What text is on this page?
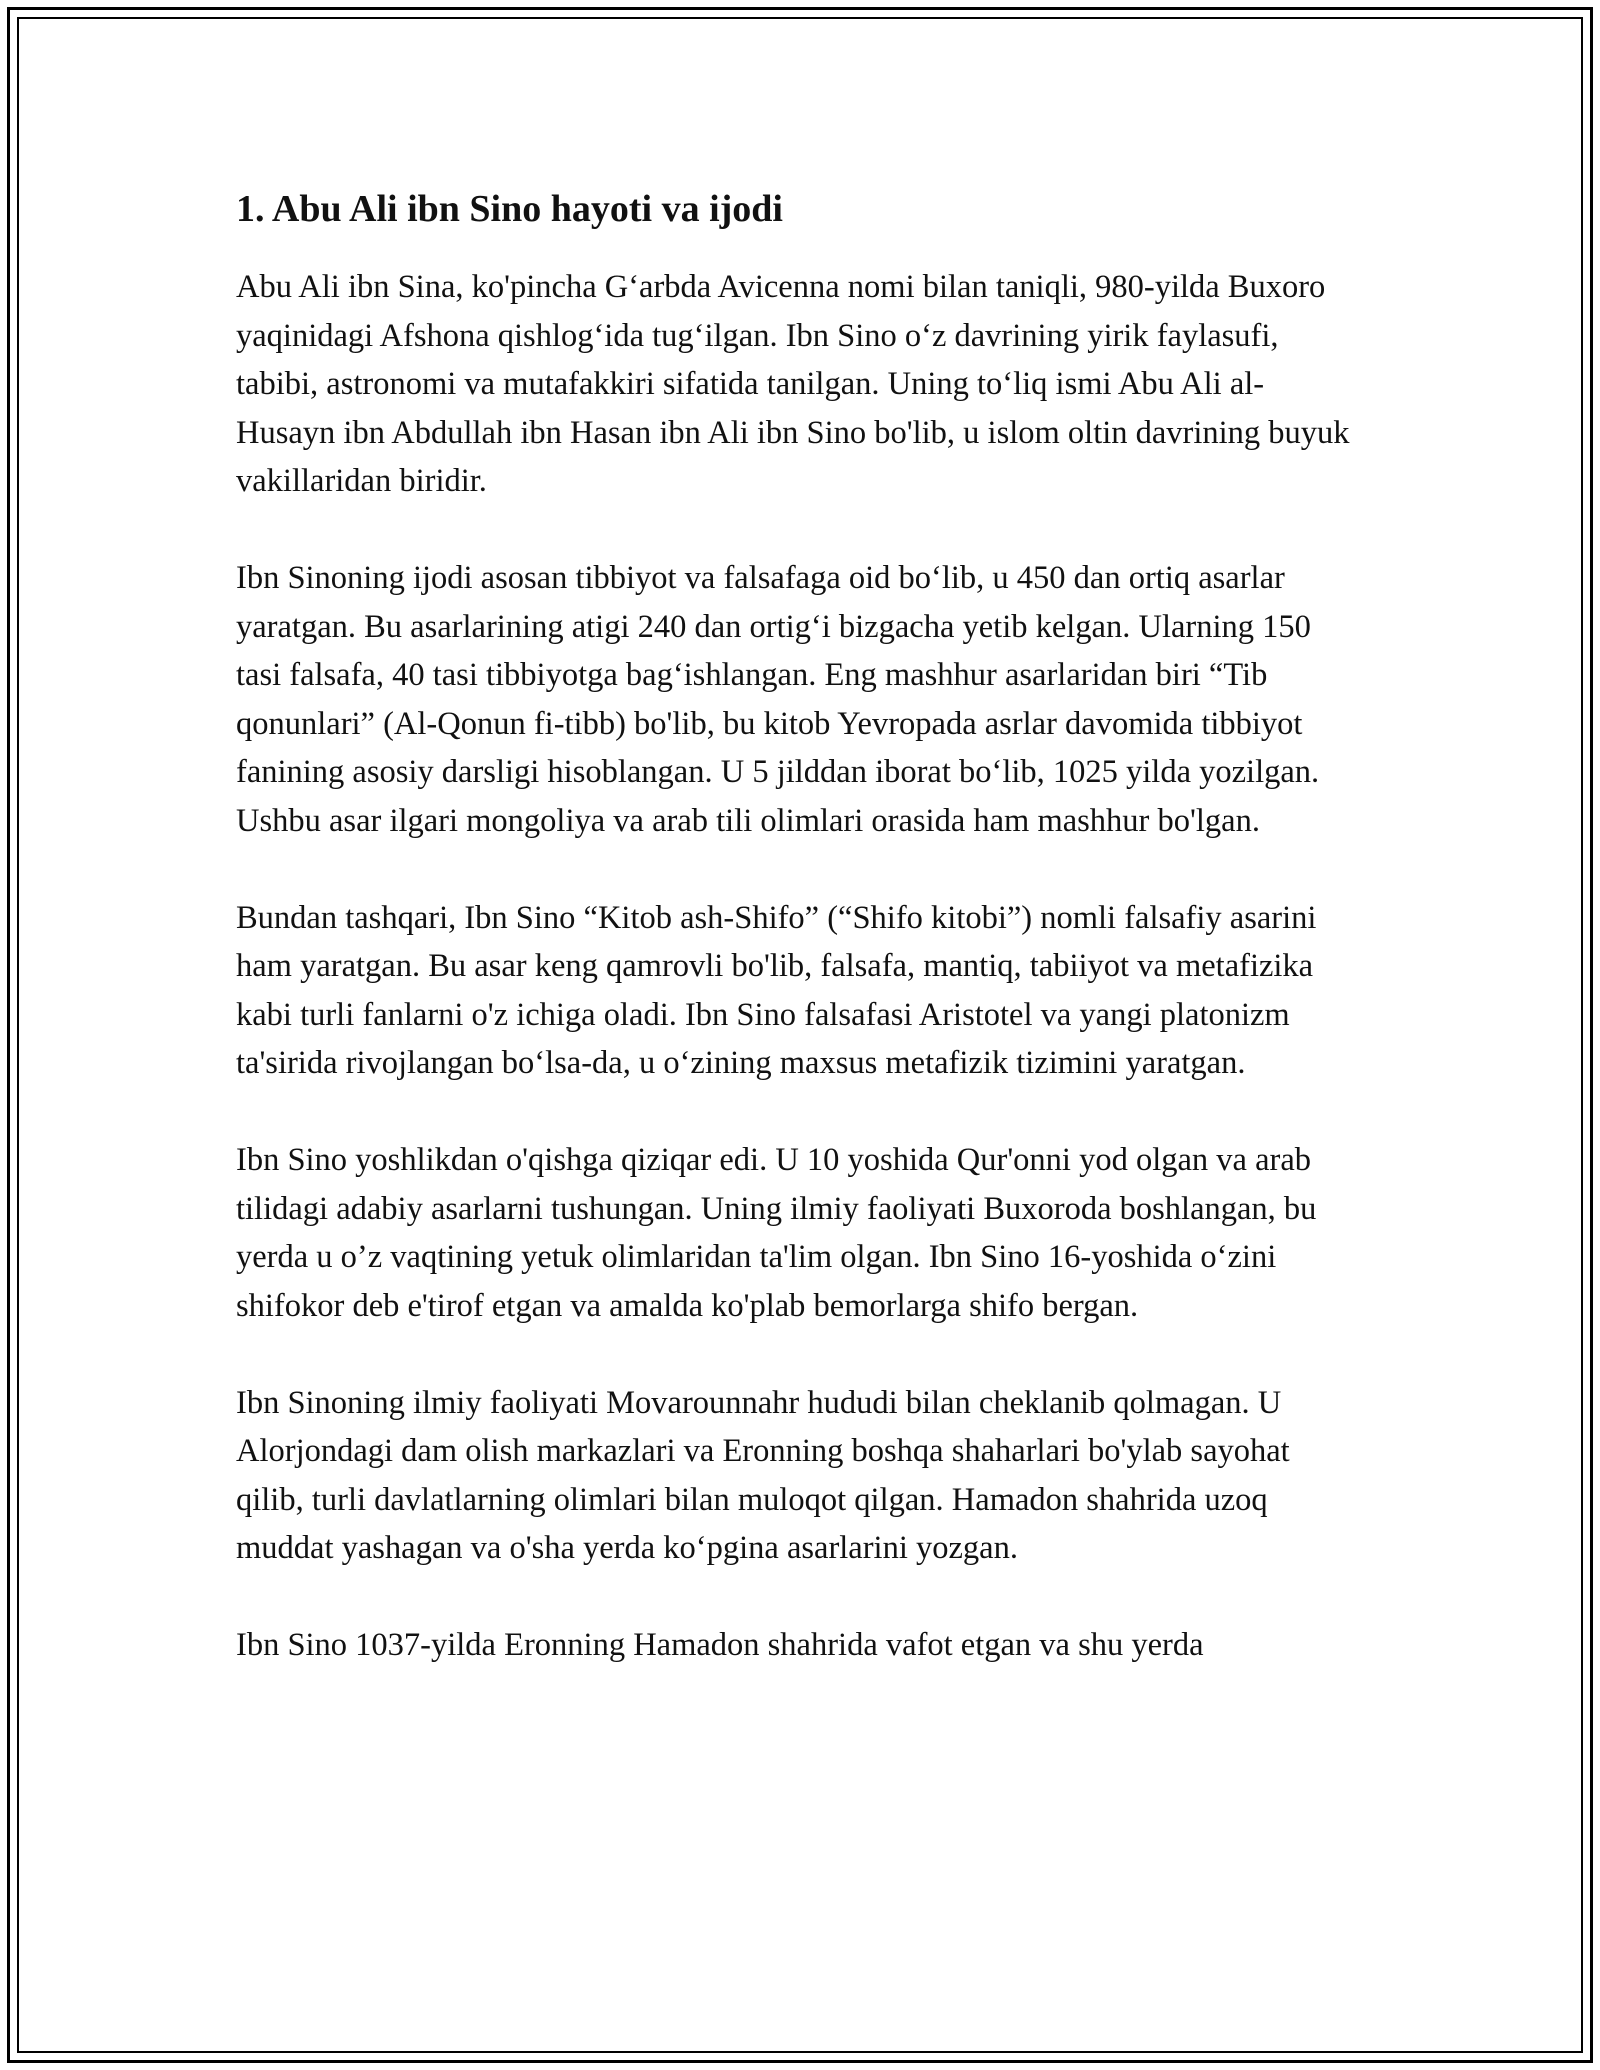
1. Abu Ali ibn Sino hayoti va ijodi

Abu Ali ibn Sina, ko'pincha G‘arbda Avicenna nomi bilan taniqli, 980-yilda Buxoro yaqinidagi Afshona qishlog‘ida tug‘ilgan. Ibn Sino o‘z davrining yirik faylasufi, tabibi, astronomi va mutafakkiri sifatida tanilgan. Uning to‘liq ismi Abu Ali al-Husayn ibn Abdullah ibn Hasan ibn Ali ibn Sino bo'lib, u islom oltin davrining buyuk vakillaridan biridir.

Ibn Sinoning ijodi asosan tibbiyot va falsafaga oid bo‘lib, u 450 dan ortiq asarlar yaratgan. Bu asarlarining atigi 240 dan ortig‘i bizgacha yetib kelgan. Ularning 150 tasi falsafa, 40 tasi tibbiyotga bag‘ishlangan. Eng mashhur asarlaridan biri “Tib qonunlari” (Al-Qonun fi-tibb) bo'lib, bu kitob Yevropada asrlar davomida tibbiyot fanining asosiy darsligi hisoblangan. U 5 jilddan iborat bo‘lib, 1025 yilda yozilgan. Ushbu asar ilgari mongoliya va arab tili olimlari orasida ham mashhur bo'lgan.

Bundan tashqari, Ibn Sino “Kitob ash-Shifo” (“Shifo kitobi”) nomli falsafiy asarini ham yaratgan. Bu asar keng qamrovli bo'lib, falsafa, mantiq, tabiiyot va metafizika kabi turli fanlarni o'z ichiga oladi. Ibn Sino falsafasi Aristotel va yangi platonizm ta'sirida rivojlangan bo‘lsa-da, u o‘zining maxsus metafizik tizimini yaratgan.

Ibn Sino yoshlikdan o'qishga qiziqar edi. U 10 yoshida Qur'onni yod olgan va arab tilidagi adabiy asarlarni tushungan. Uning ilmiy faoliyati Buxoroda boshlangan, bu yerda u o’z vaqtining yetuk olimlaridan ta'lim olgan. Ibn Sino 16-yoshida o‘zini shifokor deb e'tirof etgan va amalda ko'plab bemorlarga shifo bergan.

Ibn Sinoning ilmiy faoliyati Movarounnahr hududi bilan cheklanib qolmagan. U Alorjondagi dam olish markazlari va Eronning boshqa shaharlari bo'ylab sayohat qilib, turli davlatlarning olimlari bilan muloqot qilgan. Hamadon shahrida uzoq muddat yashagan va o'sha yerda ko‘pgina asarlarini yozgan.

Ibn Sino 1037-yilda Eronning Hamadon shahrida vafot etgan va shu yerda
